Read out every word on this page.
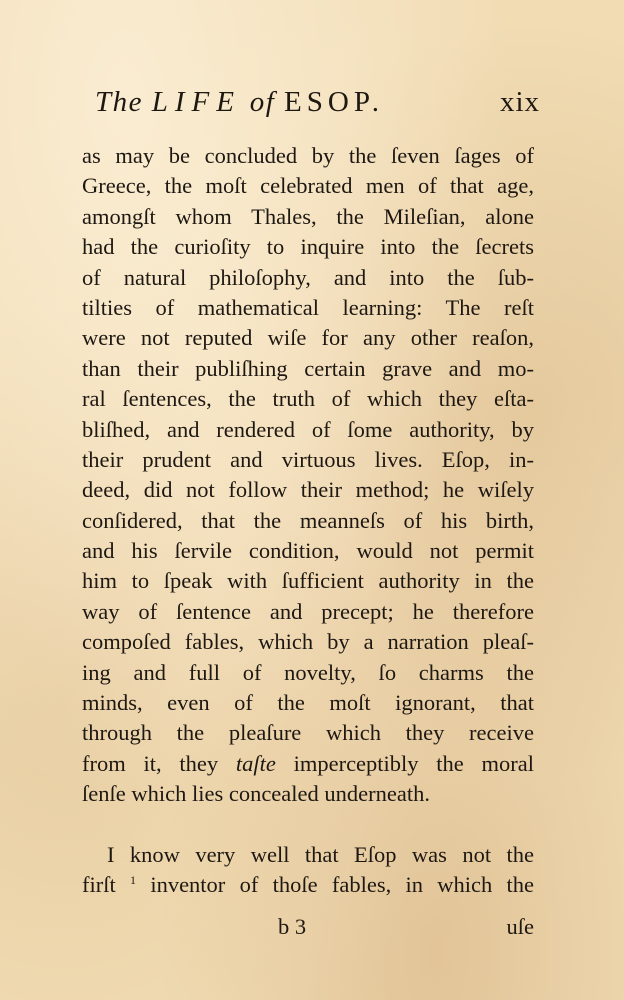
The LIFE of ESOP.	xix
as may be concluded by the ſeven ſages of
Greece, the moſt celebrated men of that age,
amongſt whom Thales, the Mileſian, alone
had the curioſity to inquire into the ſecrets
of natural philoſophy, and into the ſub-
tilties of mathematical learning: The reſt
were not reputed wiſe for any other reaſon,
than their publiſhing certain grave and mo-
ral ſentences, the truth of which they eſta-
bliſhed, and rendered of ſome authority, by
their prudent and virtuous lives. Eſop, in-
deed, did not follow their method; he wiſely
conſidered, that the meanneſs of his birth,
and his ſervile condition, would not permit
him to ſpeak with ſufficient authority in the
way of ſentence and precept; he therefore
compoſed fables, which by a narration pleaſ-
ing and full of novelty, ſo charms the
minds, even of the moſt ignorant, that
through the pleaſure which they receive
from it, they taſte imperceptibly the moral
ſenſe which lies concealed underneath.
I know very well that Eſop was not the
firſt $^1$ inventor of thoſe fables, in which the
b 3	uſe
